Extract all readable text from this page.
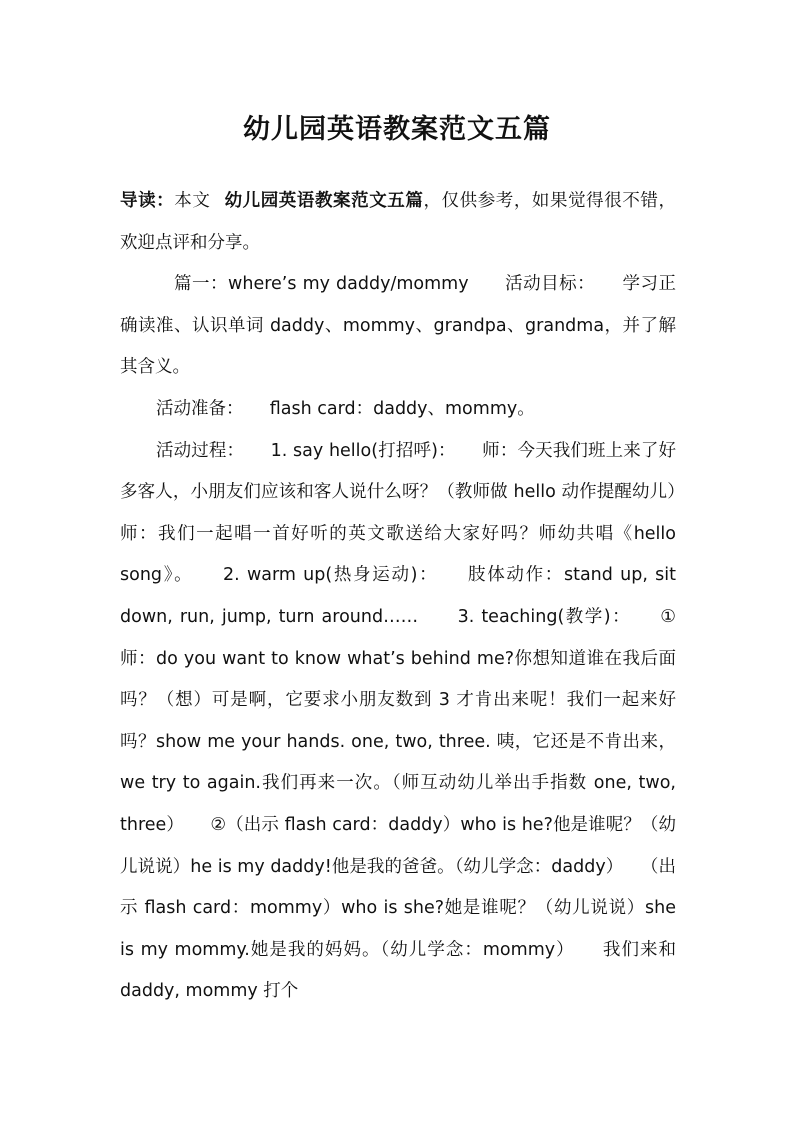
幼儿园英语教案范文五篇

导读：本文 幼儿园英语教案范文五篇，仅供参考，如果觉得很不错，欢迎点评和分享。

　篇一：where’s my daddy/mommy　　活动目标：　　学习正确读准、认识单词 daddy、mommy、grandpa、grandma，并了解其含义。

活动准备：　　flash card：daddy、mommy。

活动过程：　　1. say hello(打招呼)：　　师：今天我们班上来了好多客人，小朋友们应该和客人说什么呀？（教师做 hello 动作提醒幼儿）　　师：我们一起唱一首好听的英文歌送给大家好吗？师幼共唱《hello song》。　　2. warm up(热身运动)：　　肢体动作：stand up, sit down, run, jump, turn around……　　3. teaching(教学)：　　①师：do you want to know what’s behind me?你想知道谁在我后面吗？（想）可是啊，它要求小朋友数到 3 才肯出来呢！我们一起来好吗？show me your hands. one, two, three. 咦，它还是不肯出来，we try to again.我们再来一次。（师互动幼儿举出手指数 one, two, three）　　②（出示 flash card：daddy）who is he?他是谁呢？（幼儿说说）he is my daddy!他是我的爸爸。（幼儿学念：daddy）　　（出示 flash card：mommy）who is she?她是谁呢？（幼儿说说）she is my mommy.她是我的妈妈。（幼儿学念：mommy）　　我们来和 daddy, mommy 打个
